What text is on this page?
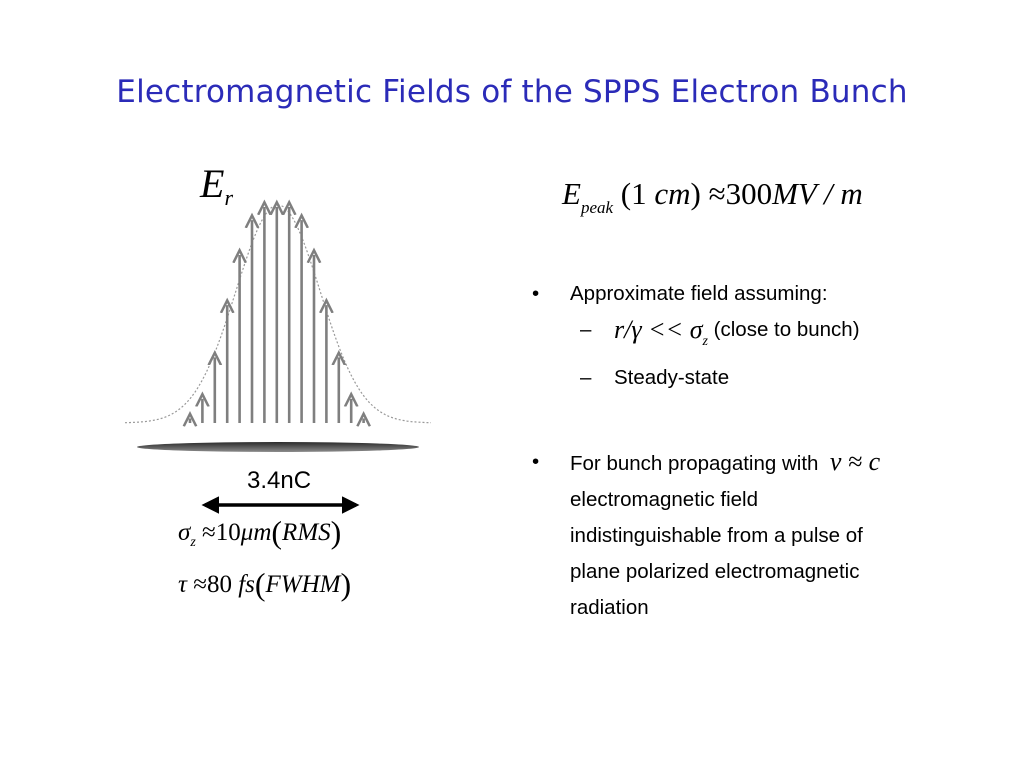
Electromagnetic Fields of the SPPS Electron Bunch
$E_r$
3.4nC
$\sigma_z \approx 10\mu m(RMS)$
τ ≈80 fs(FWHM)
$E_{peak}$ (1 cm) ≈300MV / m
•	Approximate field assuming:
– $r/\gamma << \sigma_z$

(close to bunch)
–	Steady-state
•	For bunch propagating with v ≈ c
electromagnetic field
indistinguishable from a pulse of
plane polarized electromagnetic
radiation
